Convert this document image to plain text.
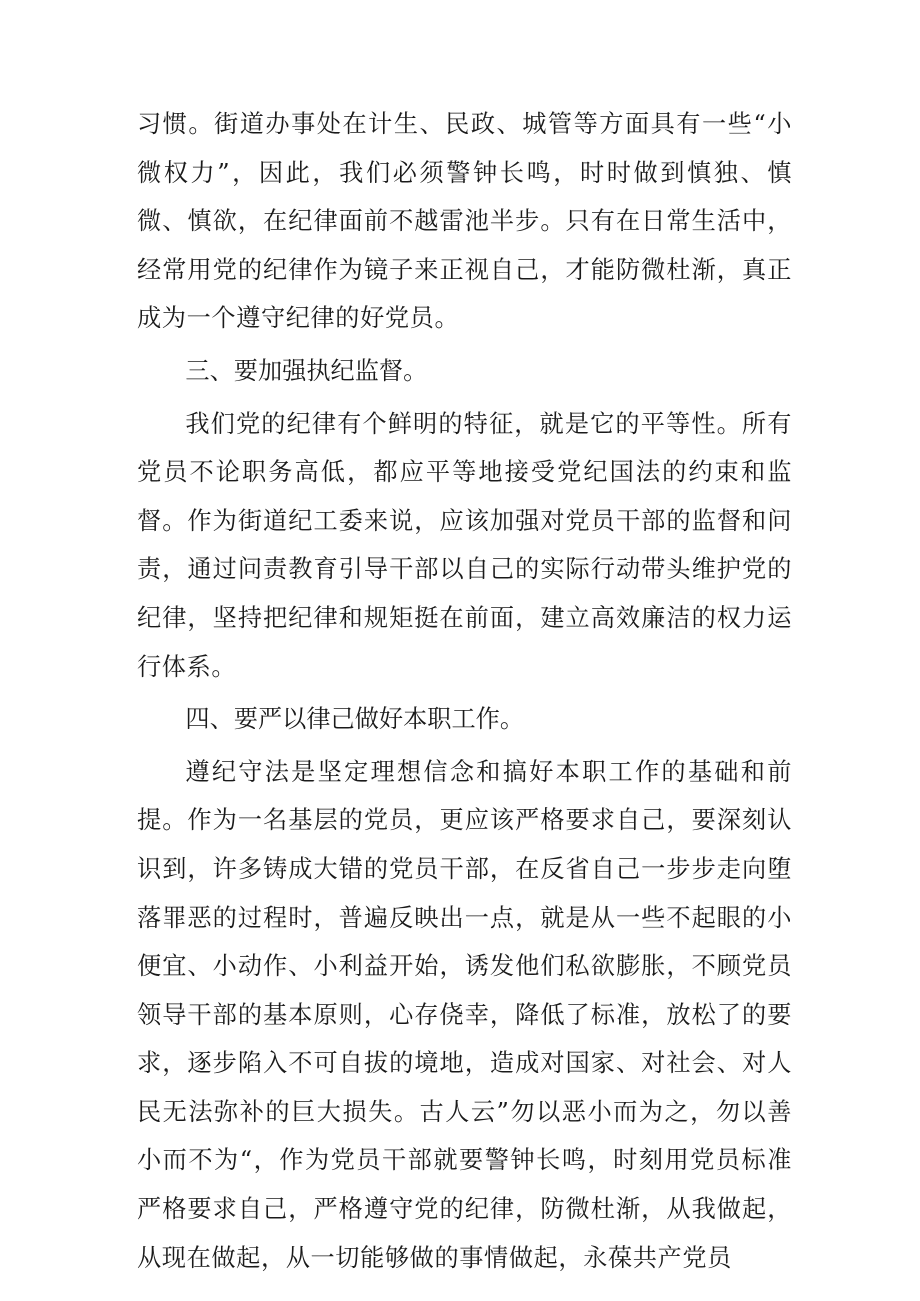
习惯。街道办事处在计生、民政、城管等方面具有一些“小微权力”，因此，我们必须警钟长鸣，时时做到慎独、慎微、慎欲，在纪律面前不越雷池半步。只有在日常生活中，经常用党的纪律作为镜子来正视自己，才能防微杜渐，真正成为一个遵守纪律的好党员。

三、要加强执纪监督。

我们党的纪律有个鲜明的特征，就是它的平等性。所有党员不论职务高低，都应平等地接受党纪国法的约束和监督。作为街道纪工委来说，应该加强对党员干部的监督和问责，通过问责教育引导干部以自己的实际行动带头维护党的纪律，坚持把纪律和规矩挺在前面，建立高效廉洁的权力运行体系。

四、要严以律己做好本职工作。

遵纪守法是坚定理想信念和搞好本职工作的基础和前提。作为一名基层的党员，更应该严格要求自己，要深刻认识到，许多铸成大错的党员干部，在反省自己一步步走向堕落罪恶的过程时，普遍反映出一点，就是从一些不起眼的小便宜、小动作、小利益开始，诱发他们私欲膨胀，不顾党员领导干部的基本原则，心存侥幸，降低了标准，放松了的要求，逐步陷入不可自拔的境地，造成对国家、对社会、对人民无法弥补的巨大损失。古人云”勿以恶小而为之，勿以善小而不为“，作为党员干部就要警钟长鸣，时刻用党员标准严格要求自己，严格遵守党的纪律，防微杜渐，从我做起，从现在做起，从一切能够做的事情做起，永葆共产党员
